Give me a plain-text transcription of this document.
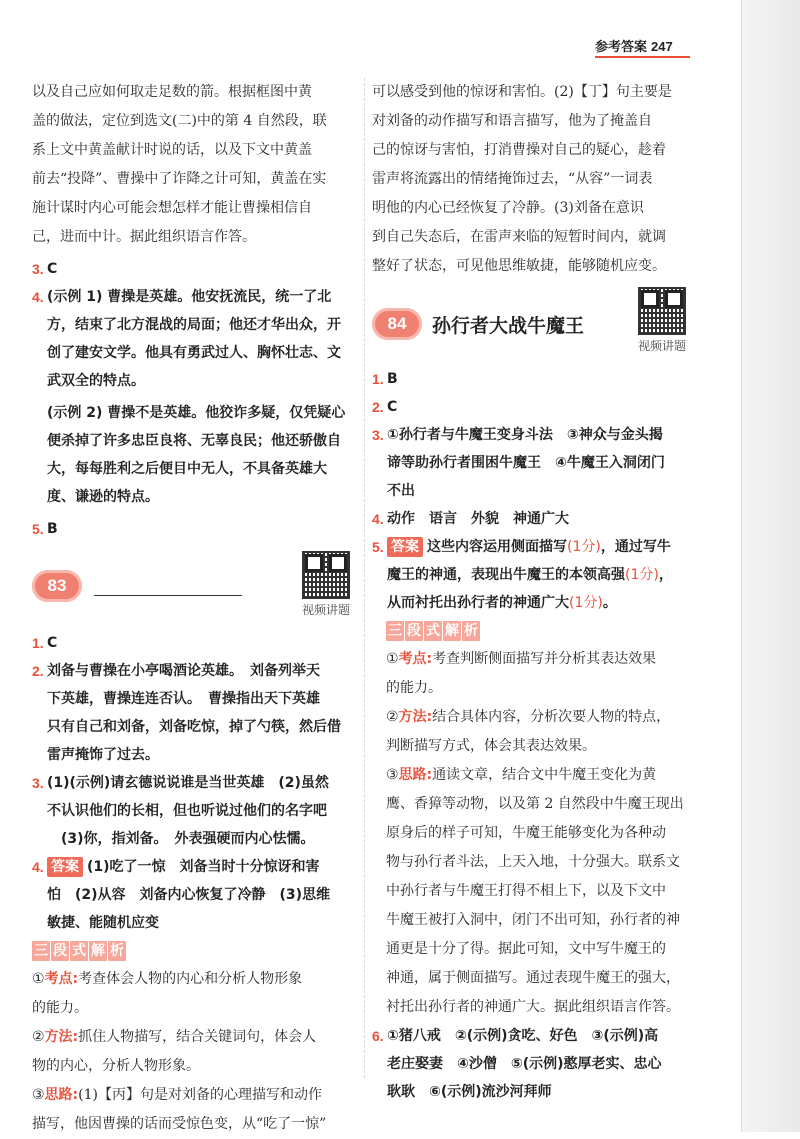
参考答案 247

以及自己应如何取走足数的箭。根据框图中黄

盖的做法，定位到选文(二)中的第 4 自然段，联

系上文中黄盖献计时说的话，以及下文中黄盖

前去“投降”、曹操中了诈降之计可知，黄盖在实

施计谋时内心可能会想怎样才能让曹操相信自

己，进而中计。据此组织语言作答。

3. C
4. (示例 1) 曹操是英雄。他安抚流民，统一了北

方，结束了北方混战的局面；他还才华出众，开

创了建安文学。他具有勇武过人、胸怀壮志、文

武双全的特点。

(示例 2) 曹操不是英雄。他狡诈多疑，仅凭疑心

便杀掉了许多忠臣良将、无辜良民；他还骄傲自

大，每每胜利之后便目中无人，不具备英雄大

度、谦逊的特点。

5. B
83
视频讲题
1. C
2. 刘备与曹操在小亭喝酒论英雄。　刘备列举天

下英雄，曹操连连否认。　曹操指出天下英雄

只有自己和刘备，刘备吃惊，掉了勺筷，然后借

雷声掩饰了过去。

3. (1)(示例)请玄德说说谁是当世英雄　(2)虽然

不认识他们的长相，但也听说过他们的名字吧

　(3)你，指刘备。　外表强硬而内心怯懦。

4. 答案 (1)吃了一惊　刘备当时十分惊讶和害

怕　(2)从容　刘备内心恢复了冷静　(3)思维

敏捷、能随机应变

三 段 式 解 析

①考点:考查体会人物的内心和分析人物形象

的能力。

②方法:抓住人物描写，结合关键词句，体会人

物的内心，分析人物形象。

③思路:(1)【丙】句是对刘备的心理描写和动作

描写，他因曹操的话而受惊色变，从“吃了一惊”

可以感受到他的惊讶和害怕。(2)【丁】句主要是

对刘备的动作描写和语言描写，他为了掩盖自

己的惊讶与害怕，打消曹操对自己的疑心，趁着

雷声将流露出的情绪掩饰过去，“从容”一词表

明他的内心已经恢复了冷静。(3)刘备在意识

到自己失态后，在雷声来临的短暂时间内，就调

整好了状态，可见他思维敏捷，能够随机应变。

84	孙行者大战牛魔王
视频讲题
1. B
2. C
3. ①孙行者与牛魔王变身斗法　③神众与金头揭

谛等助孙行者围困牛魔王　④牛魔王入洞闭门

不出

4. 动作　语言　外貌　神通广大
5. 答案 这些内容运用侧面描写(1分)，通过写牛

魔王的神通，表现出牛魔王的本领高强(1分)，

从而衬托出孙行者的神通广大(1分)。

三 段 式 解 析

①考点:考查判断侧面描写并分析其表达效果

的能力。

②方法:结合具体内容，分析次要人物的特点，

判断描写方式，体会其表达效果。

③思路:通读文章，结合文中牛魔王变化为黄

鹰、香獐等动物，以及第 2 自然段中牛魔王现出

原身后的样子可知，牛魔王能够变化为各种动

物与孙行者斗法，上天入地，十分强大。联系文

中孙行者与牛魔王打得不相上下，以及下文中

牛魔王被打入洞中，闭门不出可知，孙行者的神

通更是十分了得。据此可知，文中写牛魔王的

神通，属于侧面描写。通过表现牛魔王的强大，

衬托出孙行者的神通广大。据此组织语言作答。

6. ①猪八戒　②(示例)贪吃、好色　③(示例)高

老庄娶妻　④沙僧　⑤(示例)憨厚老实、忠心

耿耿　⑥(示例)流沙河拜师
